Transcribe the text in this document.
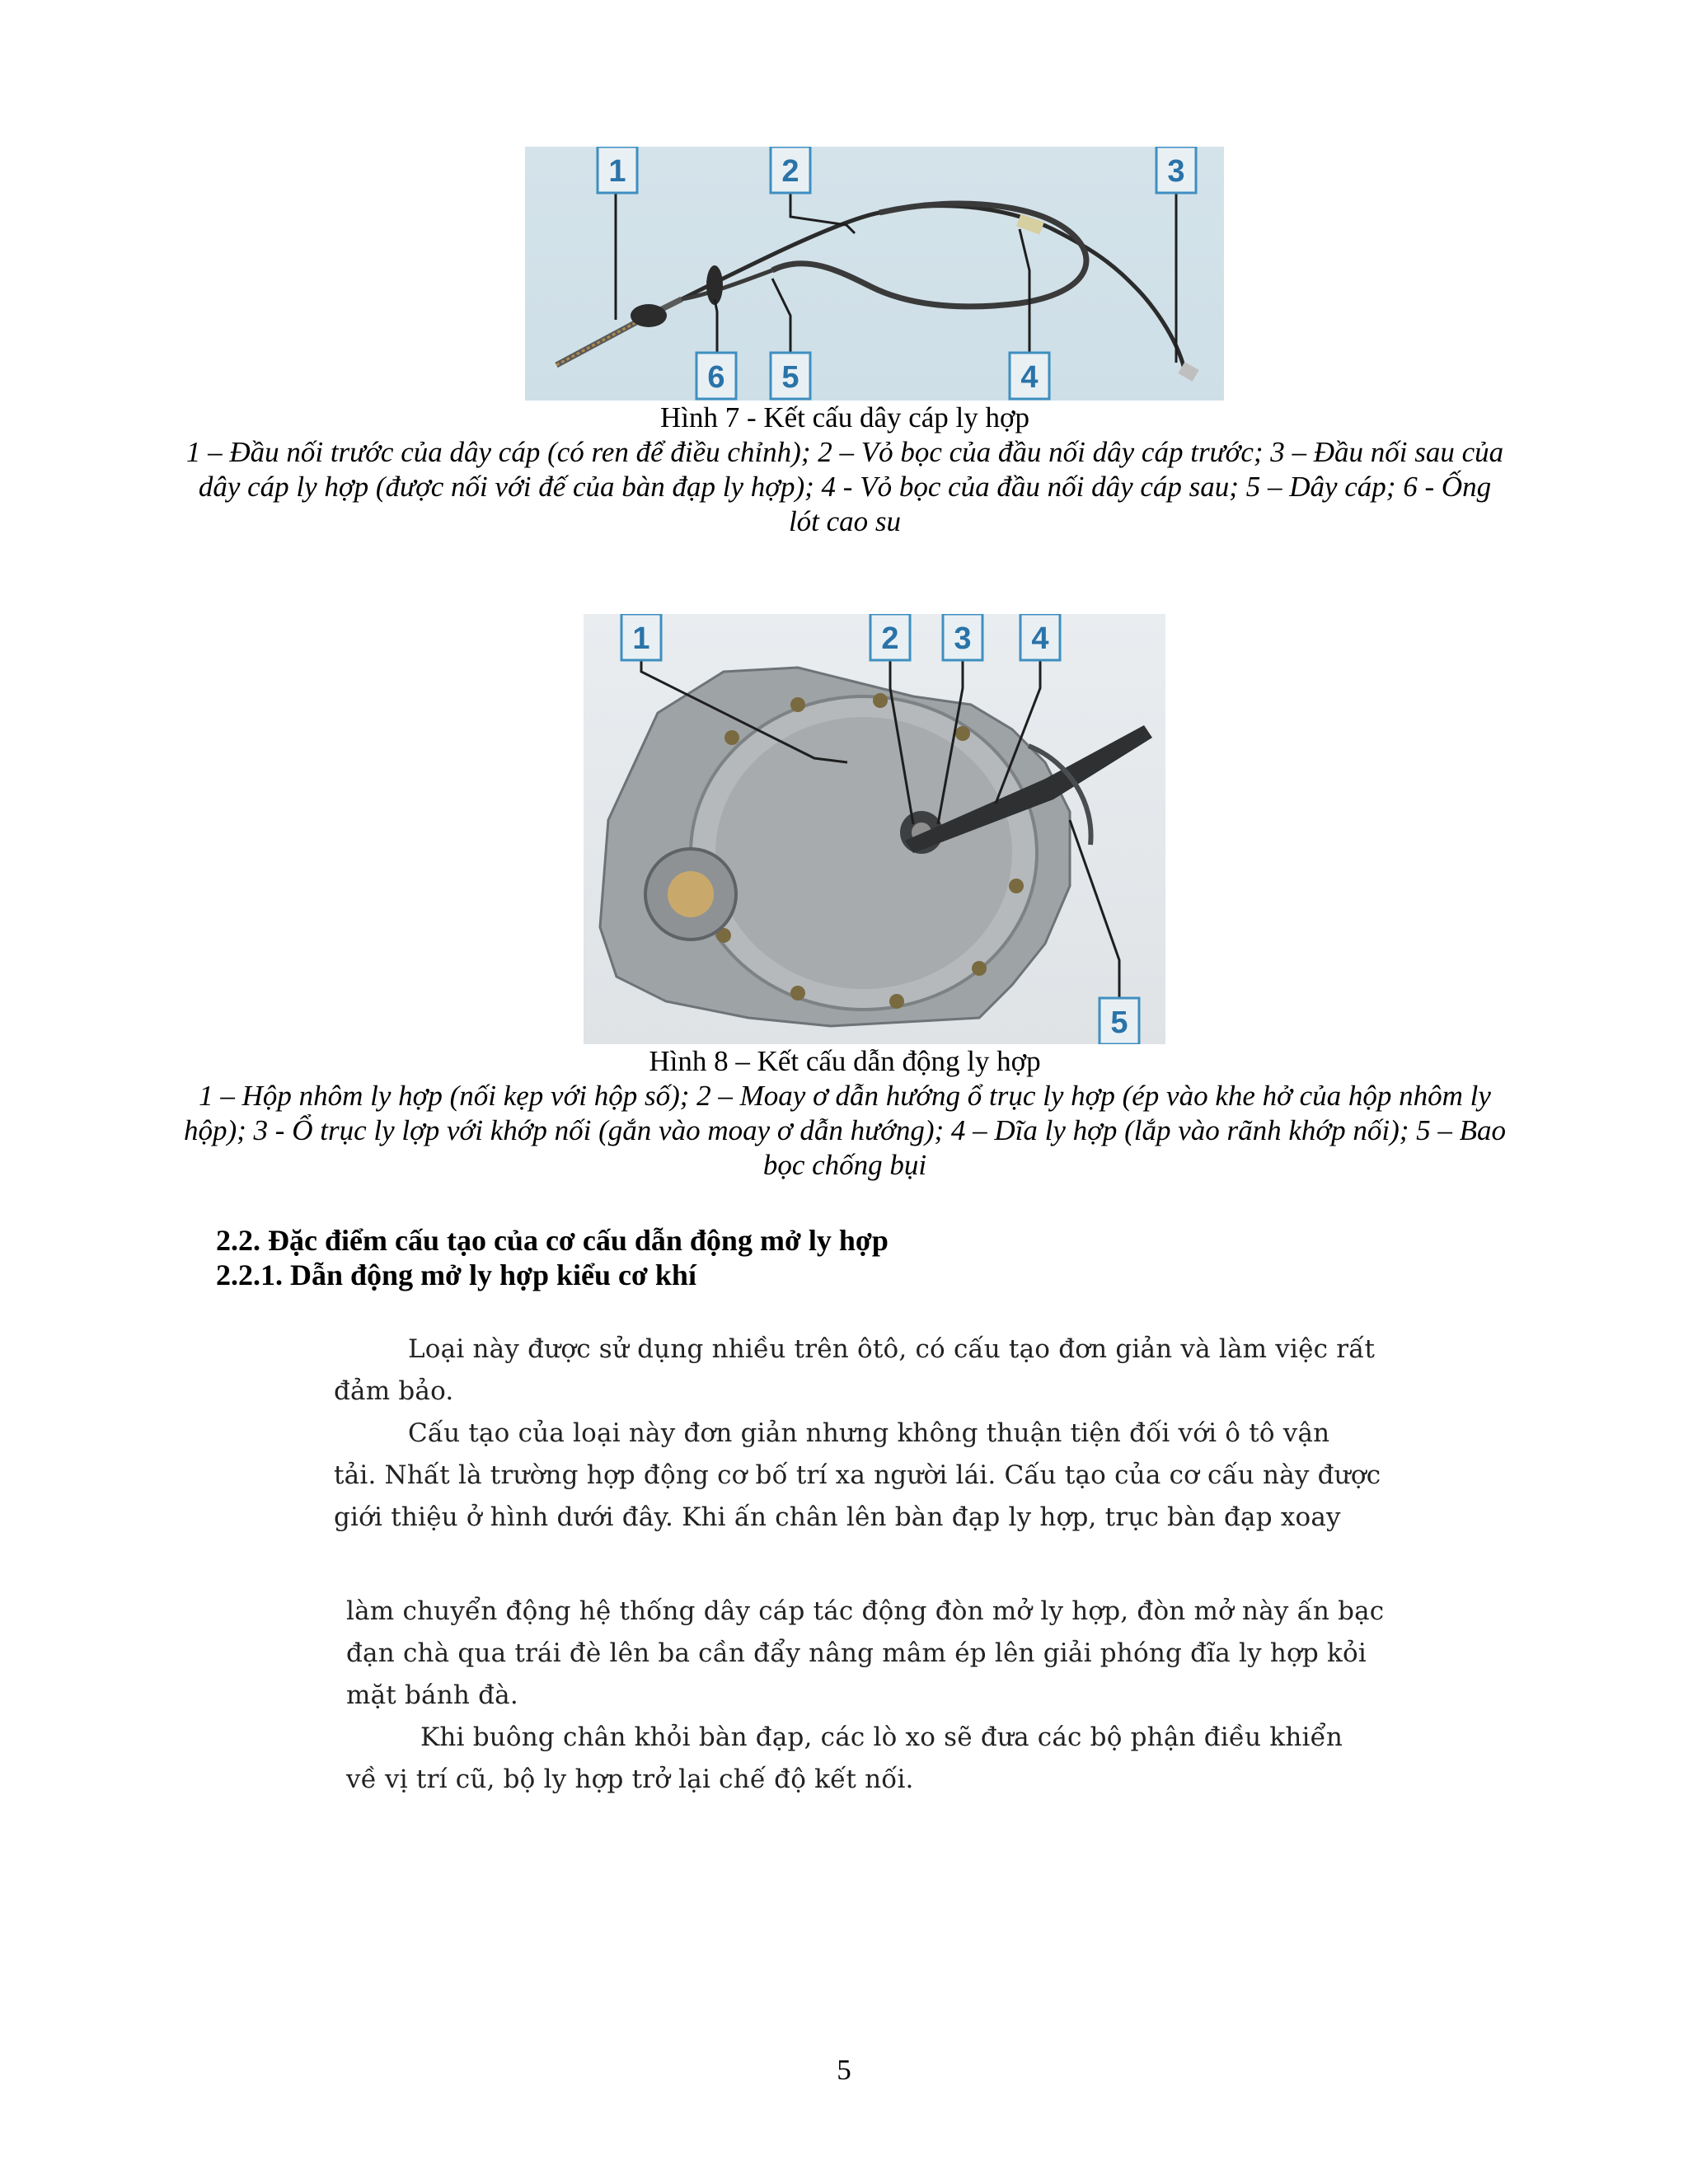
1	2	3
6 5	4
Hình 7 - Kết cấu dây cáp ly hợp
1 – Đầu nối trước của dây cáp (có ren để điều chỉnh); 2 – Vỏ bọc của đầu nối dây cáp trước; 3 – Đầu nối sau của dây cáp ly hợp (được nối với đế của bàn đạp ly hợp); 4 - Vỏ bọc của đầu nối dây cáp sau; 5 – Dây cáp; 6 - Ống lót cao su
1	2 3 4
5
Hình 8 – Kết cấu dẫn động ly hợp
1 – Hộp nhôm ly hợp (nối kẹp với hộp số); 2 – Moay ơ dẫn hướng ổ trục ly hợp (ép vào khe hở của hộp nhôm ly hộp); 3 - Ổ trục ly lợp với khớp nối (gắn vào moay ơ dẫn hướng); 4 – Dĩa ly hợp (lắp vào rãnh khớp nối); 5 – Bao bọc chống bụi
2.2. Đặc điểm cấu tạo của cơ cấu dẫn động mở ly hợp
2.2.1. Dẫn động mở ly hợp kiểu cơ khí

Loại này được sử dụng nhiều trên ôtô, có cấu tạo đơn giản và làm việc rất

đảm bảo.

Cấu tạo của loại này đơn giản nhưng không thuận tiện đối với ô tô vận

tải. Nhất là trường hợp động cơ bố trí xa người lái. Cấu tạo của cơ cấu này được

giới thiệu ở hình dưới đây. Khi ấn chân lên bàn đạp ly hợp, trục bàn đạp xoay

làm chuyển động hệ thống dây cáp tác động đòn mở ly hợp, đòn mở này ấn bạc

đạn chà qua trái đè lên ba cần đẩy nâng mâm ép lên giải phóng đĩa ly hợp kỏi

mặt bánh đà.

Khi buông chân khỏi bàn đạp, các lò xo sẽ đưa các bộ phận điều khiển

về vị trí cũ, bộ ly hợp trở lại chế độ kết nối.

5
